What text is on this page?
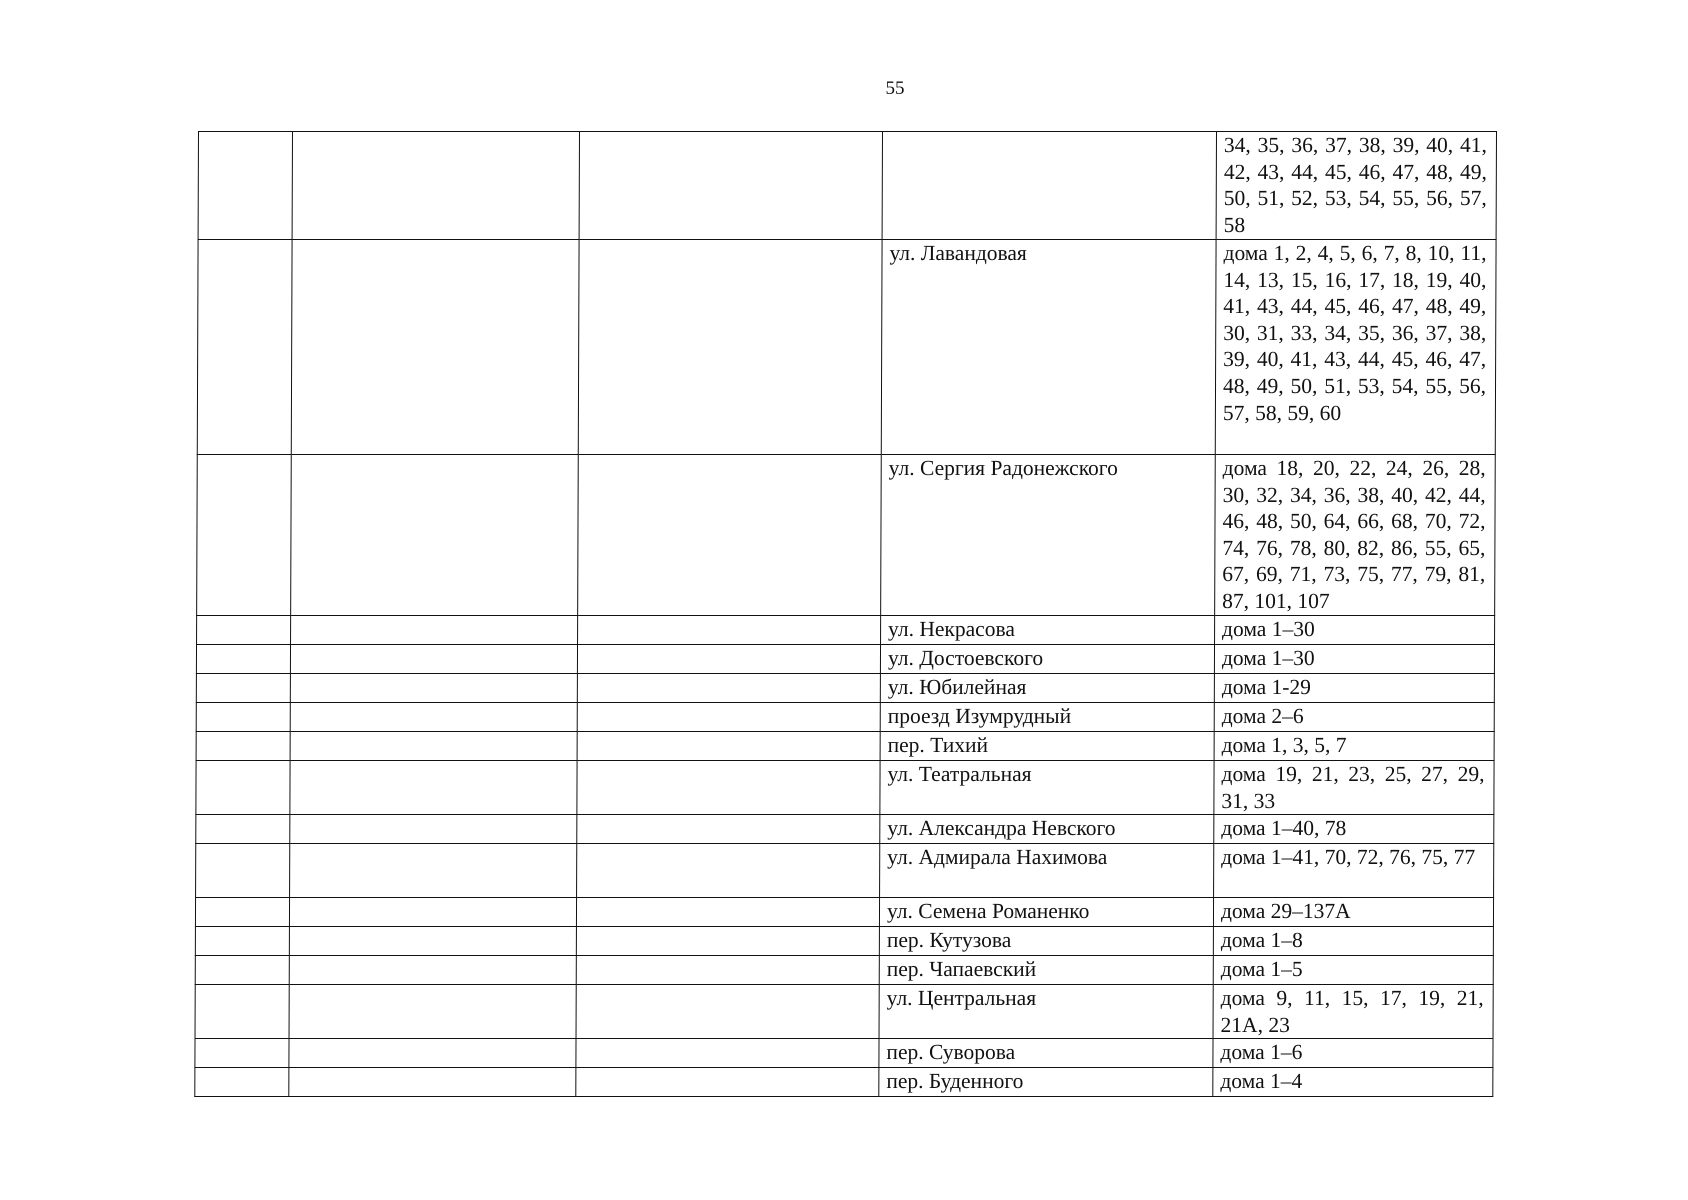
55
				34, 35, 36, 37, 38, 39, 40, 41, 42, 43, 44, 45, 46, 47, 48, 49, 50, 51, 52, 53, 54, 55, 56, 57, 58
			ул. Лавандовая	дома 1, 2, 4, 5, 6, 7, 8, 10, 11, 14, 13, 15, 16, 17, 18, 19, 40, 41, 43, 44, 45, 46, 47, 48, 49, 30, 31, 33, 34, 35, 36, 37, 38, 39, 40, 41, 43, 44, 45, 46, 47, 48, 49, 50, 51, 53, 54, 55, 56, 57, 58, 59, 60
			ул. Сергия Радонежского	дома 18, 20, 22, 24, 26, 28, 30, 32, 34, 36, 38, 40, 42, 44, 46, 48, 50, 64, 66, 68, 70, 72, 74, 76, 78, 80, 82, 86, 55, 65, 67, 69, 71, 73, 75, 77, 79, 81, 87, 101, 107
			ул. Некрасова	дома 1–30
			ул. Достоевского	дома 1–30
			ул. Юбилейная	дома 1-29
			проезд Изумрудный	дома 2–6
			пер. Тихий	дома 1, 3, 5, 7
			ул. Театральная	дома 19, 21, 23, 25, 27, 29, 31, 33
			ул. Александра Невского	дома 1–40, 78
			ул. Адмирала Нахимова	дома 1–41, 70, 72, 76, 75, 77
			ул. Семена Романенко	дома 29–137А
			пер. Кутузова	дома 1–8
			пер. Чапаевский	дома 1–5
			ул. Центральная	дома 9, 11, 15, 17, 19, 21, 21А, 23
			пер. Суворова	дома 1–6
			пер. Буденного	дома 1–4
